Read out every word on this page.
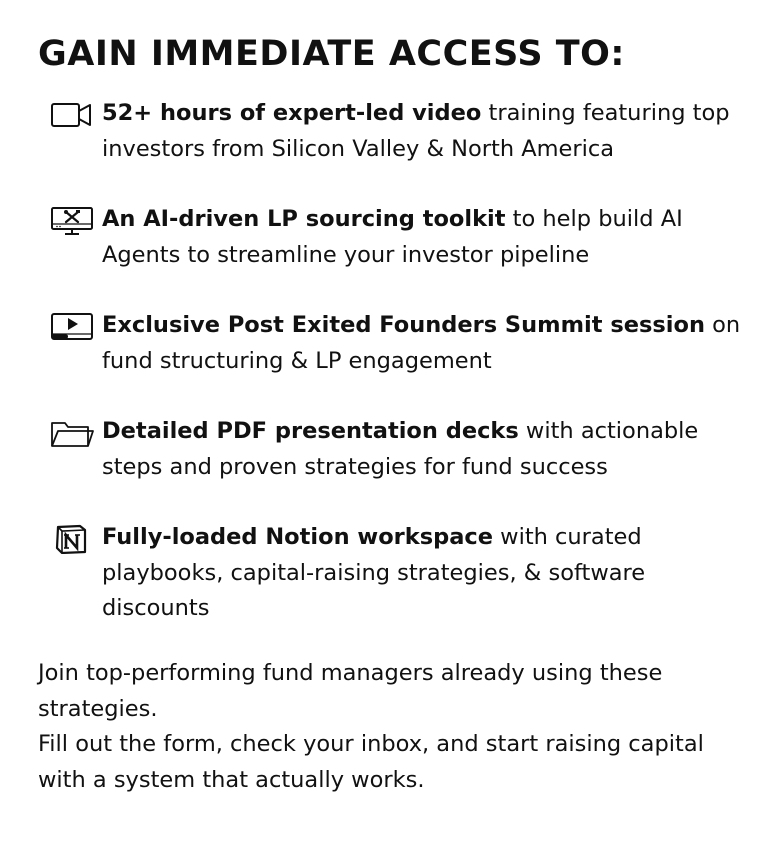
GAIN IMMEDIATE ACCESS TO:
52+ hours of expert-led video training featuring top investors from Silicon Valley & North America
An AI-driven LP sourcing toolkit to help build AI Agents to streamline your investor pipeline
Exclusive Post Exited Founders Summit session on fund structuring & LP engagement
Detailed PDF presentation decks with actionable steps and proven strategies for fund success
Fully-loaded Notion workspace with curated playbooks, capital-raising strategies, & software discounts

Join top-performing fund managers already using these strategies.

Fill out the form, check your inbox, and start raising capital with a system that actually works.
